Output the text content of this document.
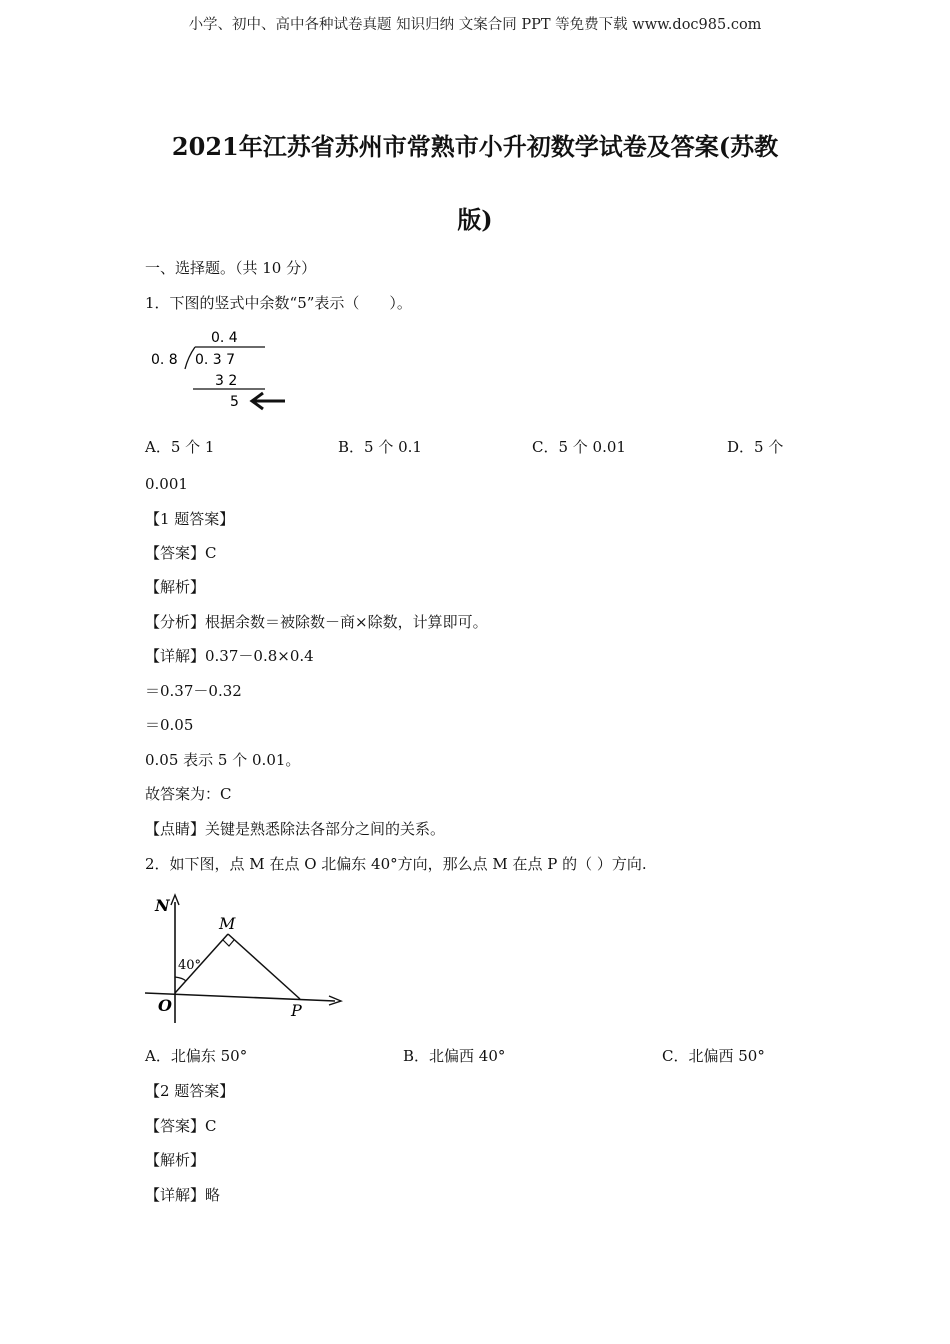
小学、初中、高中各种试卷真题 知识归纳 文案合同 PPT 等免费下载 www.doc985.com
2021年江苏省苏州市常熟市小升初数学试卷及答案(苏教
版)
一、选择题。（共 10 分）
1．下图的竖式中余数“5”表示（　　）。
0. 4
0. 8 0. 3 7
3 2
5
A．5 个 1	B．5 个 0.1	C．5 个 0.01	D．5 个
0.001
【1 题答案】
【答案】C
【解析】
【分析】根据余数＝被除数－商×除数，计算即可。
【详解】0.37－0.8×0.4
＝0.37－0.32
＝0.05
0.05 表示 5 个 0.01。
故答案为：C
【点睛】关键是熟悉除法各部分之间的关系。
2．如下图，点 M 在点 O 北偏东 40°方向，那么点 M 在点 P 的（ ）方向.
N
M
40°
O	P
A．北偏东 50°	B．北偏西 40°	C．北偏西 50°
【2 题答案】
【答案】C
【解析】
【详解】略
